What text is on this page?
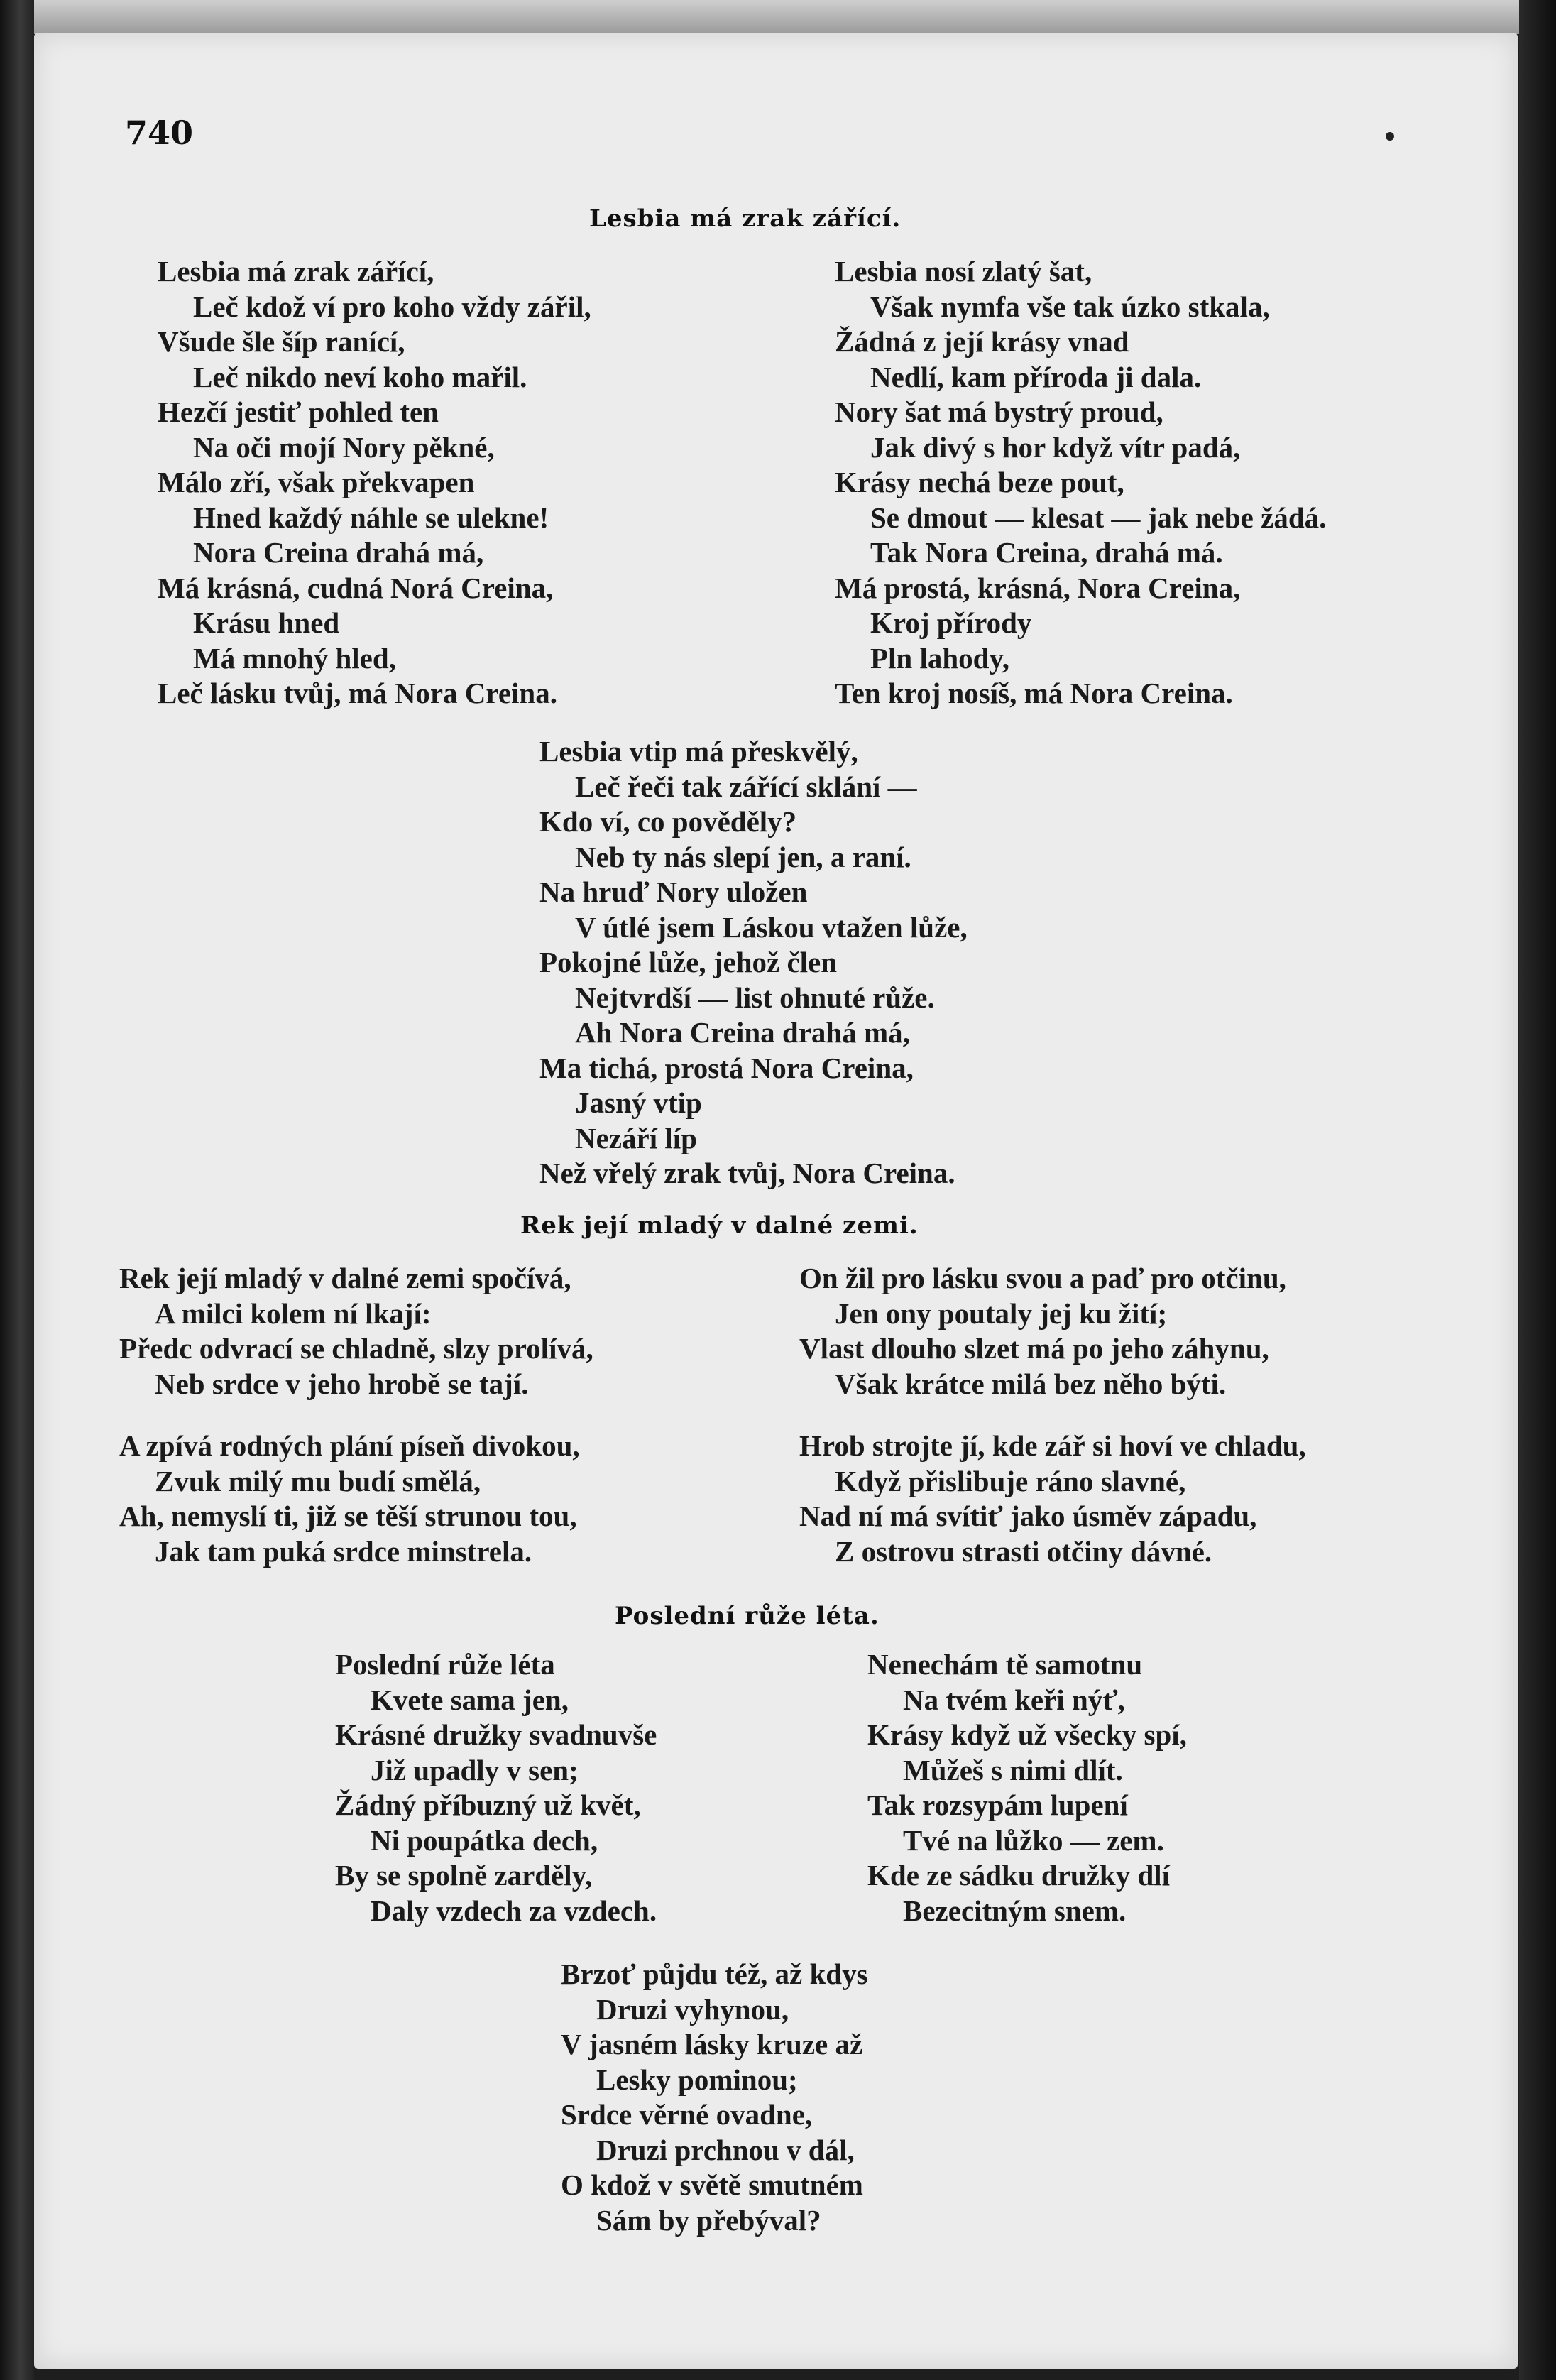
740
Lesbia má zrak zářící.
Lesbia má zrak zářící,
Leč kdož ví pro koho vždy zářil,
Všude šle šíp ranící,
Leč nikdo neví koho mařil.
Hezčí jestiť pohled ten
Na oči mojí Nory pěkné,
Málo zří, však překvapen
Hned každý náhle se ulekne!
Nora Creina drahá má,
Má krásná, cudná Norá Creina,
Krásu hned
Má mnohý hled,
Leč lásku tvůj, má Nora Creina.
Lesbia nosí zlatý šat,
Však nymfa vše tak úzko stkala,
Žádná z její krásy vnad
Nedlí, kam příroda ji dala.
Nory šat má bystrý proud,
Jak divý s hor když vítr padá,
Krásy nechá beze pout,
Se dmout — klesat — jak nebe žádá.
Tak Nora Creina, drahá má.
Má prostá, krásná, Nora Creina,
Kroj přírody
Pln lahody,
Ten kroj nosíš, má Nora Creina.
Lesbia vtip má přeskvělý,
Leč řeči tak zářící sklání —
Kdo ví, co pověděly?
Neb ty nás slepí jen, a raní.
Na hruď Nory uložen
V útlé jsem Láskou vtažen lůže,
Pokojné lůže, jehož člen
Nejtvrdší — list ohnuté růže.
Ah Nora Creina drahá má,
Ma tichá, prostá Nora Creina,
Jasný vtip
Nezáří líp
Než vřelý zrak tvůj, Nora Creina.
Rek její mladý v dalné zemi.
Rek její mladý v dalné zemi spočívá,
A milci kolem ní lkají:
Předc odvrací se chladně, slzy prolívá,
Neb srdce v jeho hrobě se tají.
A zpívá rodných plání píseň divokou,
Zvuk milý mu budí smělá,
Ah, nemyslí ti, již se těší strunou tou,
Jak tam puká srdce minstrela.
On žil pro lásku svou a paď pro otčinu,
Jen ony poutaly jej ku žití;
Vlast dlouho slzet má po jeho záhynu,
Však krátce milá bez něho býti.
Hrob strojte jí, kde zář si hoví ve chladu,
Když přislibuje ráno slavné,
Nad ní má svítiť jako úsměv západu,
Z ostrovu strasti otčiny dávné.
Poslední růže léta.
Poslední růže léta
Kvete sama jen,
Krásné družky svadnuvše
Již upadly v sen;
Žádný příbuzný už květ,
Ni poupátka dech,
By se spolně zarděly,
Daly vzdech za vzdech.
Nenechám tě samotnu
Na tvém keři nýť,
Krásy když už všecky spí,
Můžeš s nimi dlít.
Tak rozsypám lupení
Tvé na lůžko — zem.
Kde ze sádku družky dlí
Bezecitným snem.
Brzoť půjdu též, až kdys
Druzi vyhynou,
V jasném lásky kruze až
Lesky pominou;
Srdce věrné ovadne,
Druzi prchnou v dál,
O kdož v světě smutném
Sám by přebýval?
